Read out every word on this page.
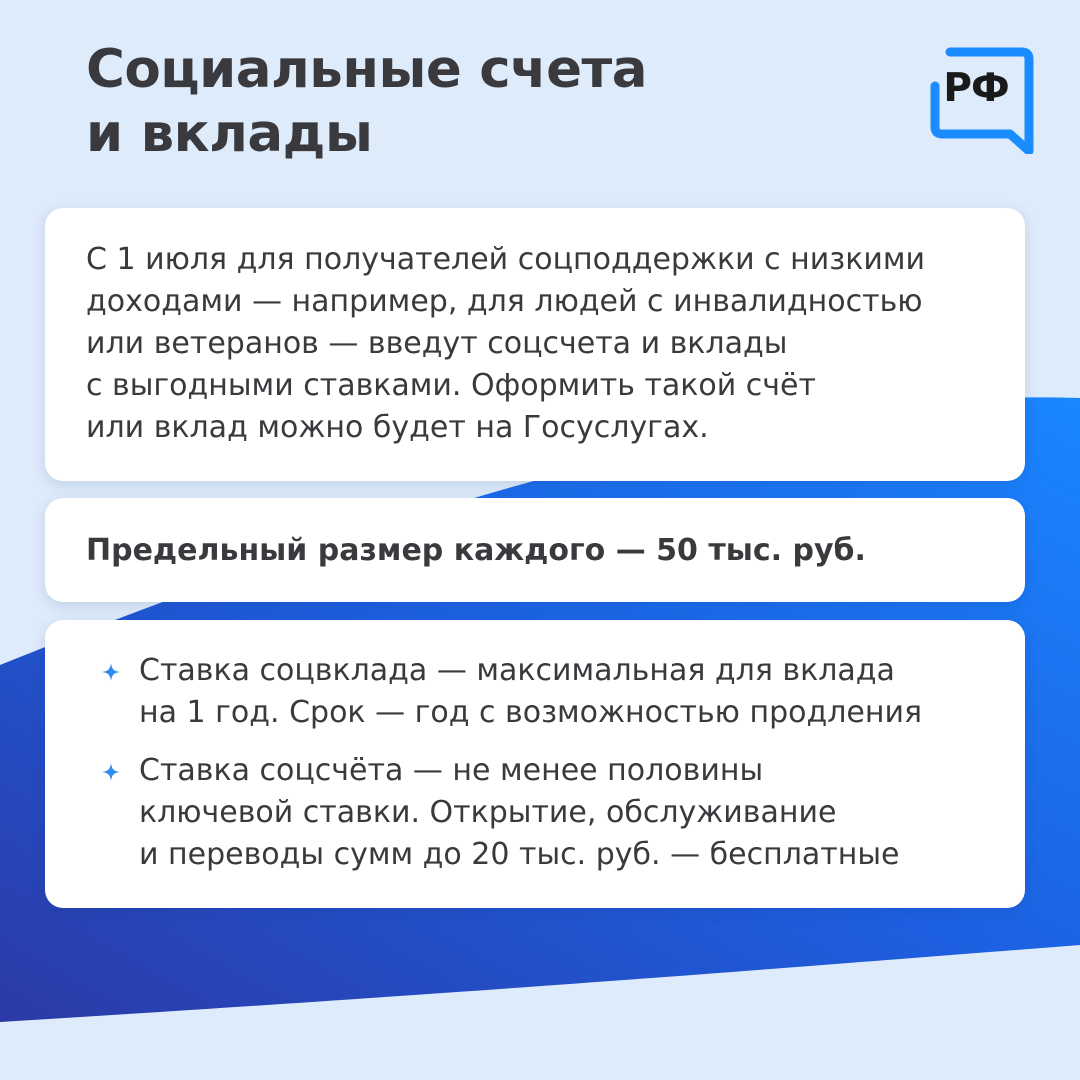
Социальные счета
и вклады
РФ

С 1 июля для получателей соцподдержки с низкими
доходами — например, для людей с инвалидностью
или ветеранов — введут соцсчета и вклады
с выгодными ставками. Оформить такой счёт
или вклад можно будет на Госуслугах.

Предельный размер каждого — 50 тыс. руб.

Ставка соцвклада — максимальная для вклада
на 1 год. Срок — год с возможностью продления
Ставка соцсчёта — не менее половины
ключевой ставки. Открытие, обслуживание
и переводы сумм до 20 тыс. руб. — бесплатные
